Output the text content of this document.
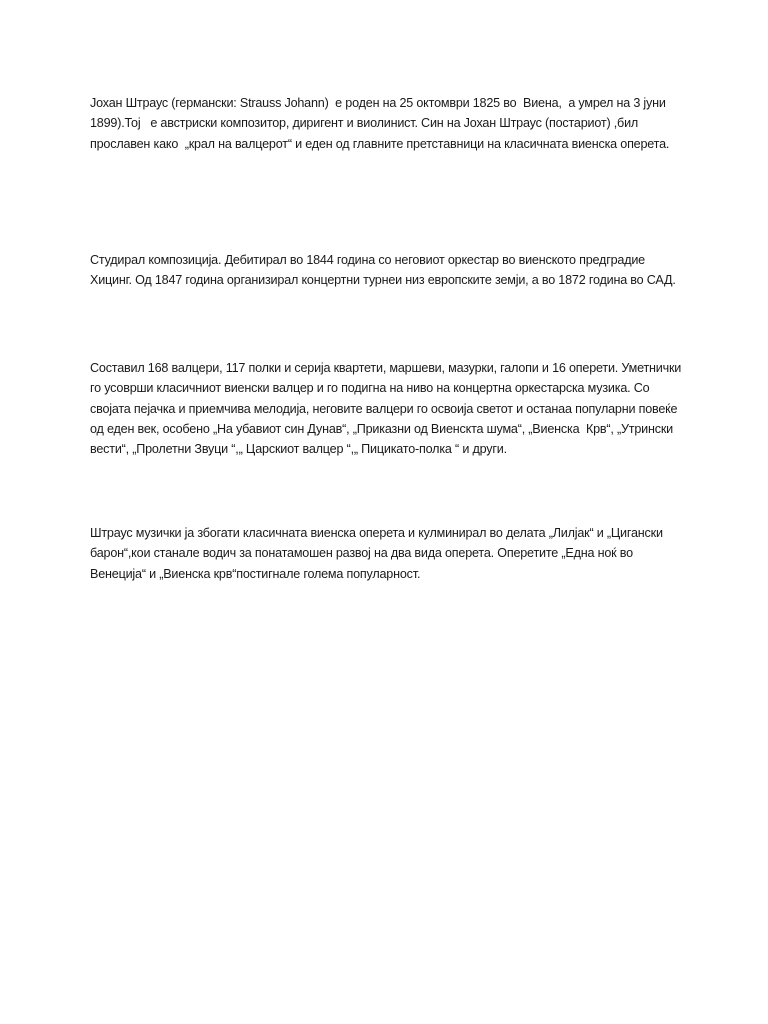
Јохан Штраус (германски: Strauss Johann)  е роден на 25 октомври 1825 во  Виена,  а умрел на 3 јуни 1899).Тој   е австриски композитор, диригент и виолинист. Син на Јохан Штраус (постариот) ,бил прославен како  „крал на валцерот“ и еден од главните претставници на класичната виенска оперета.

Студирал композиција. Дебитирал во 1844 година со неговиот оркестар во виенското предградие Хицинг. Од 1847 година организирал концертни турнеи низ европските земји, а во 1872 година во САД.

Составил 168 валцери, 117 полки и серија квартети, маршеви, мазурки, галопи и 16 оперети. Уметнички го усоврши класичниот виенски валцер и го подигна на ниво на концертна оркестарска музика. Со својата пејачка и приемчива мелодија, неговите валцери го освоија светот и останаа популарни повеќе од еден век, особено „На убавиот син Дунав“, „Приказни од Виенскта шума“, „Виенска  Крв“, „Утрински вести“, „Пролетни Звуци “,„ Царскиот валцер “,„ Пицикато-полка “ и други.

Штраус музички ја збогати класичната виенска оперета и кулминирал во делата „Лилјак“ и „Цигански барон“,кои станале водич за понатамошен развој на два вида оперета. Оперетите „Една ноќ во Венеција“ и „Виенска крв“постигнале голема популарност.
